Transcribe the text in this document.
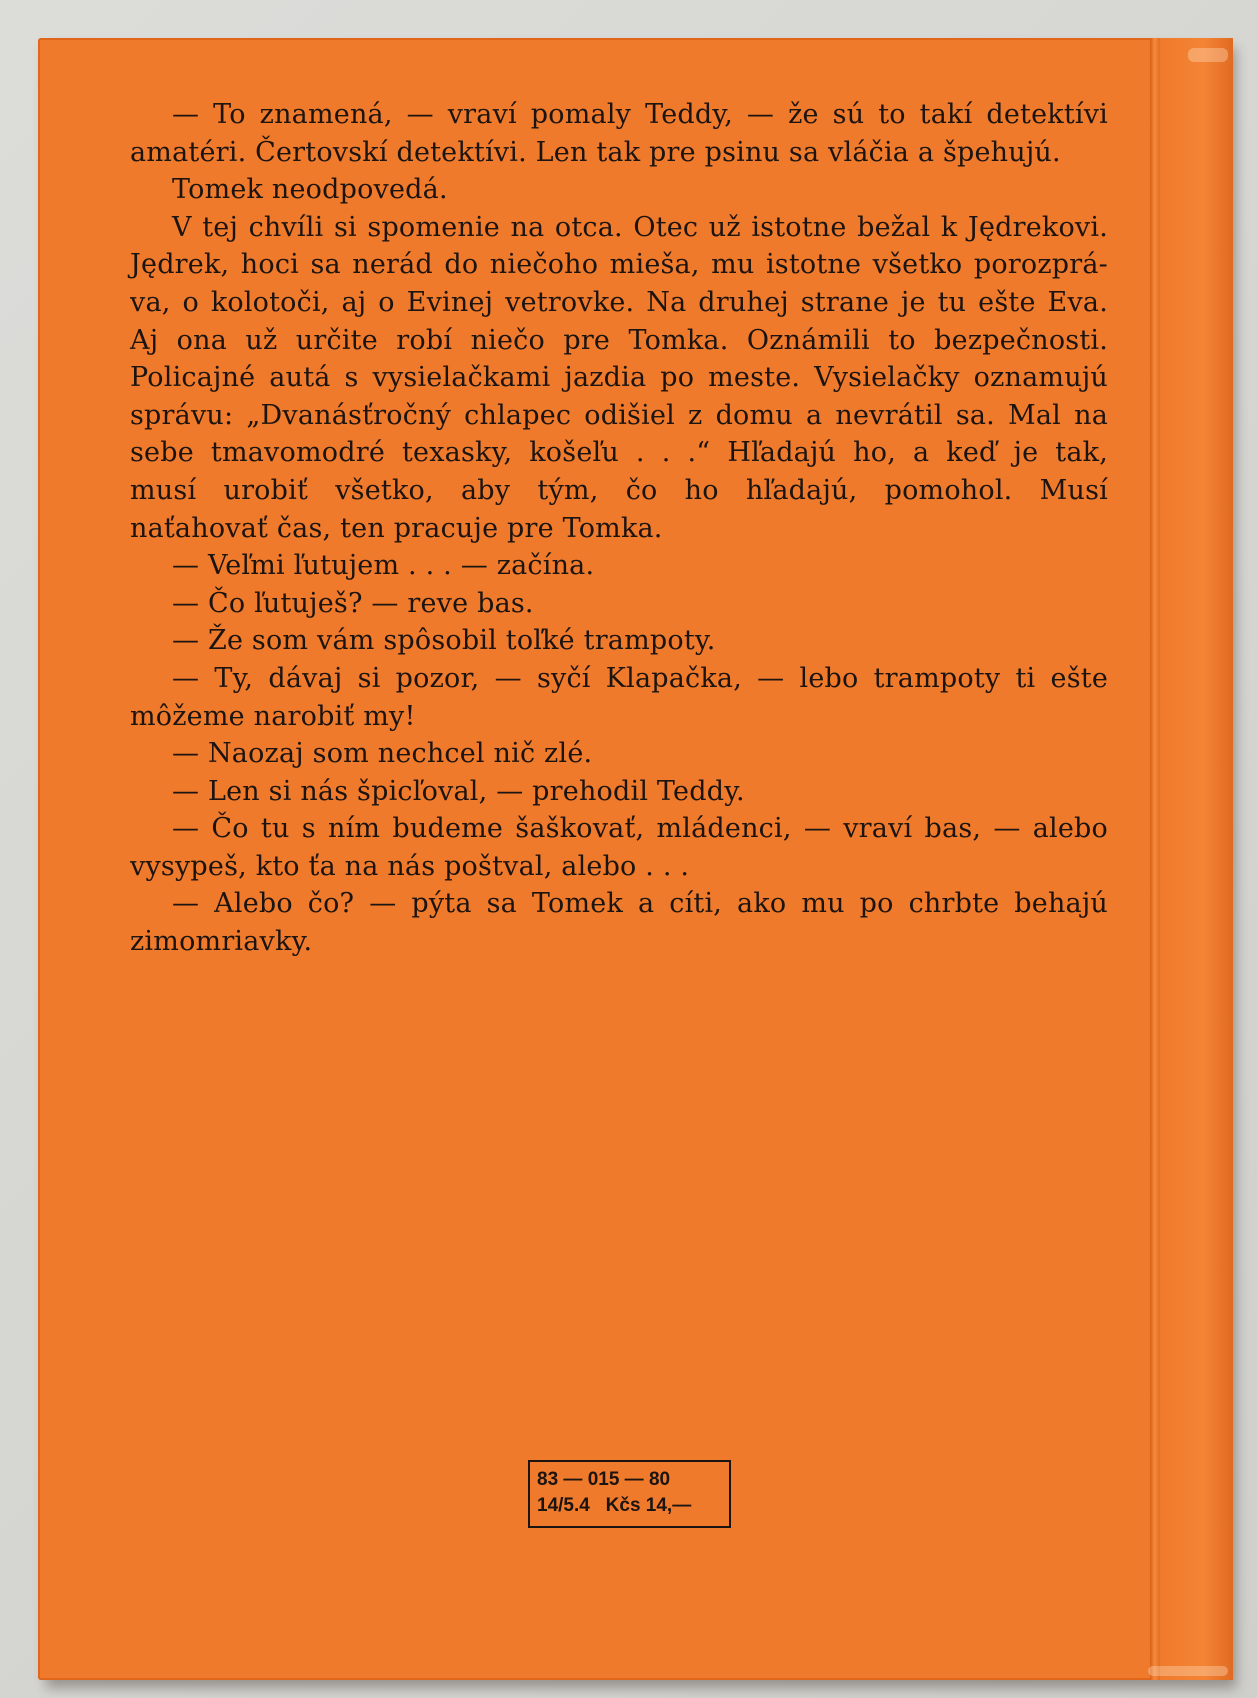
— To znamená, — vraví pomaly Teddy, — že sú to takí detektívi
amatéri. Čertovskí detektívi. Len tak pre psinu sa vláčia a špehujú.

Tomek neodpovedá.

V tej chvíli si spomenie na otca. Otec už istotne bežal k Jędrekovi.
Jędrek, hoci sa nerád do niečoho mieša, mu istotne všetko porozprá-
va, o kolotoči, aj o Evinej vetrovke. Na druhej strane je tu ešte Eva.
Aj ona už určite robí niečo pre Tomka. Oznámili to bezpečnosti.
Policajné autá s vysielačkami jazdia po meste. Vysielačky oznamujú
správu: „Dvanásťročný chlapec odišiel z domu a nevrátil sa. Mal na
sebe tmavomodré texasky, košeľu . . .“ Hľadajú ho, a keď je tak,
musí urobiť všetko, aby tým, čo ho hľadajú, pomohol. Musí
naťahovať čas, ten pracuje pre Tomka.

— Veľmi ľutujem . . . — začína.

— Čo ľutuješ? — reve bas.

— Že som vám spôsobil toľké trampoty.

— Ty, dávaj si pozor, — syčí Klapačka, — lebo trampoty ti ešte
môžeme narobiť my!

— Naozaj som nechcel nič zlé.

— Len si nás špicľoval, — prehodil Teddy.

— Čo tu s ním budeme šaškovať, mládenci, — vraví bas, — alebo
vysypeš, kto ťa na nás poštval, alebo . . .

— Alebo čo? — pýta sa Tomek a cíti, ako mu po chrbte behajú
zimomriavky.

83 — 015 — 80
14/5.4   Kčs 14,—
